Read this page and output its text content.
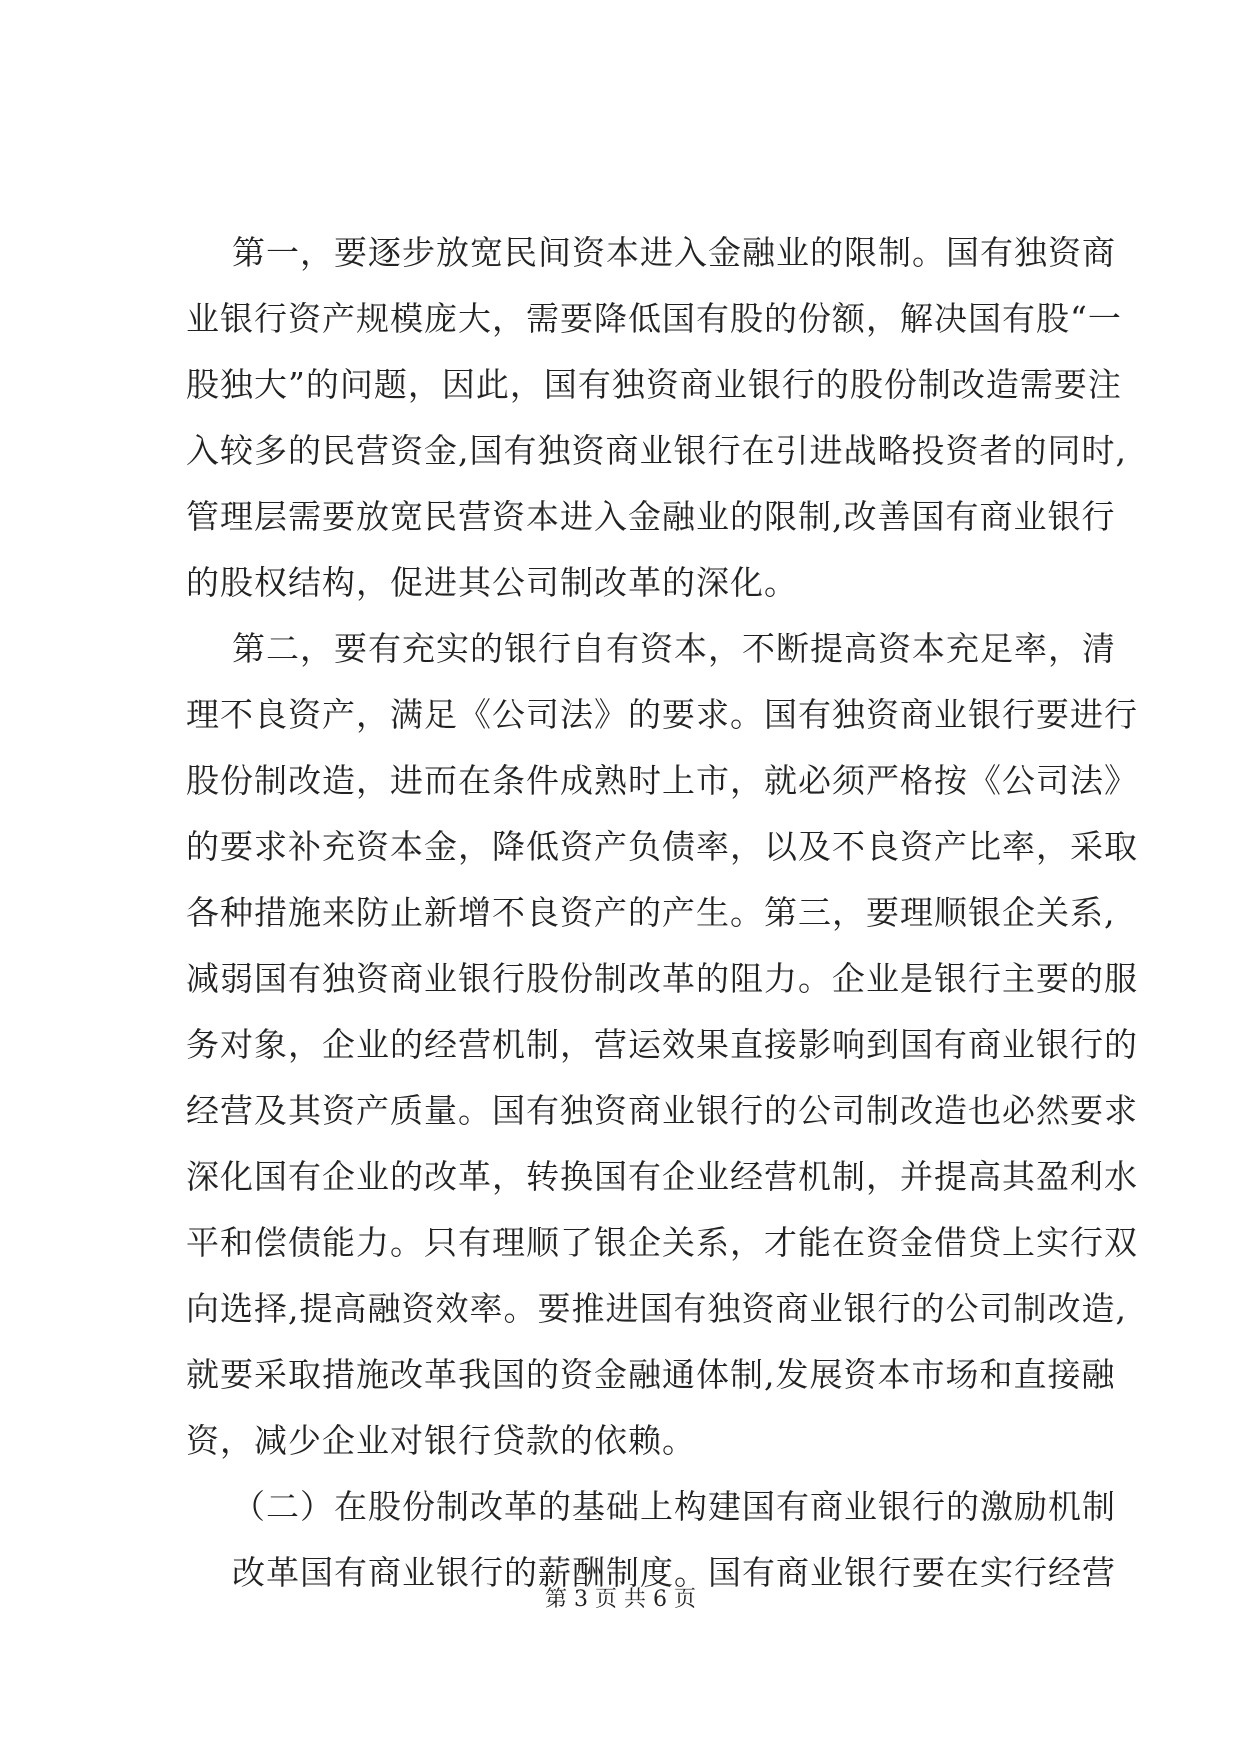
第一，要逐步放宽民间资本进入金融业的限制。国有独资商
业银行资产规模庞大，需要降低国有股的份额，解决国有股“一
股独大”的问题，因此，国有独资商业银行的股份制改造需要注
入较多的民营资金,国有独资商业银行在引进战略投资者的同时,
管理层需要放宽民营资本进入金融业的限制,改善国有商业银行
的股权结构，促进其公司制改革的深化。
第二，要有充实的银行自有资本，不断提高资本充足率，清
理不良资产，满足《公司法》的要求。国有独资商业银行要进行
股份制改造，进而在条件成熟时上市，就必须严格按《公司法》
的要求补充资本金，降低资产负债率，以及不良资产比率，采取
各种措施来防止新增不良资产的产生。第三，要理顺银企关系,
减弱国有独资商业银行股份制改革的阻力。企业是银行主要的服
务对象，企业的经营机制，营运效果直接影响到国有商业银行的
经营及其资产质量。国有独资商业银行的公司制改造也必然要求
深化国有企业的改革，转换国有企业经营机制，并提高其盈利水
平和偿债能力。只有理顺了银企关系，才能在资金借贷上实行双
向选择,提高融资效率。要推进国有独资商业银行的公司制改造,
就要采取措施改革我国的资金融通体制,发展资本市场和直接融
资，减少企业对银行贷款的依赖。
（二）在股份制改革的基础上构建国有商业银行的激励机制
改革国有商业银行的薪酬制度。国有商业银行要在实行经营
第 3 页 共 6 页
